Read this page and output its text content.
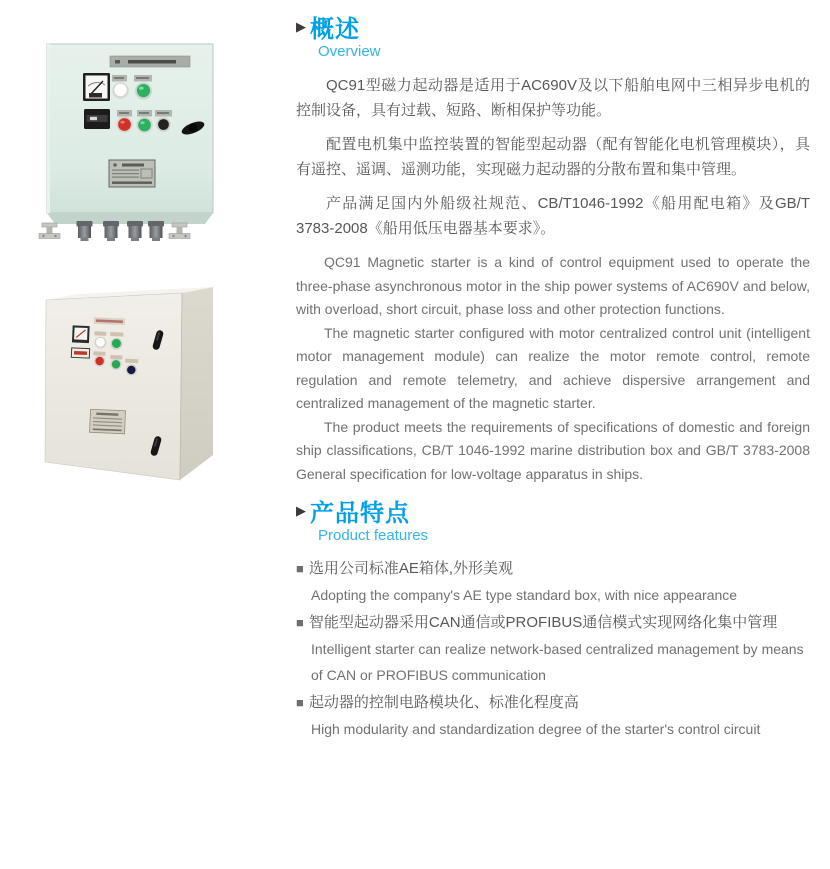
▶ 概述
Overview

QC91型磁力起动器是适用于AC690V及以下船舶电网中三相异步电机的控制设备，具有过载、短路、断相保护等功能。

配置电机集中监控装置的智能型起动器（配有智能化电机管理模块），具有遥控、遥调、遥测功能，实现磁力起动器的分散布置和集中管理。

产品满足国内外船级社规范、CB/T1046-1992《船用配电箱》及GB/T 3783-2008《船用低压电器基本要求》。

QC91 Magnetic starter is a kind of control equipment used to operate the three-phase asynchronous motor in the ship power systems of AC690V and below, with overload, short circuit, phase loss and other protection functions.

The magnetic starter configured with motor centralized control unit (intelligent motor management module) can realize the motor remote control, remote regulation and remote telemetry, and achieve dispersive arrangement and centralized management of the magnetic starter.

The product meets the requirements of specifications of domestic and foreign ship classifications, CB/T 1046-1992 marine distribution box and GB/T 3783-2008 General specification for low-voltage apparatus in ships.

▶ 产品特点
Product features
■ 选用公司标准AE箱体,外形美观
Adopting the company's AE type standard box, with nice appearance
■ 智能型起动器采用CAN通信或PROFIBUS通信模式实现网络化集中管理
Intelligent starter can realize network-based centralized management by means of CAN or PROFIBUS communication
■ 起动器的控制电路模块化、标准化程度高
High modularity and standardization degree of the starter's control circuit
